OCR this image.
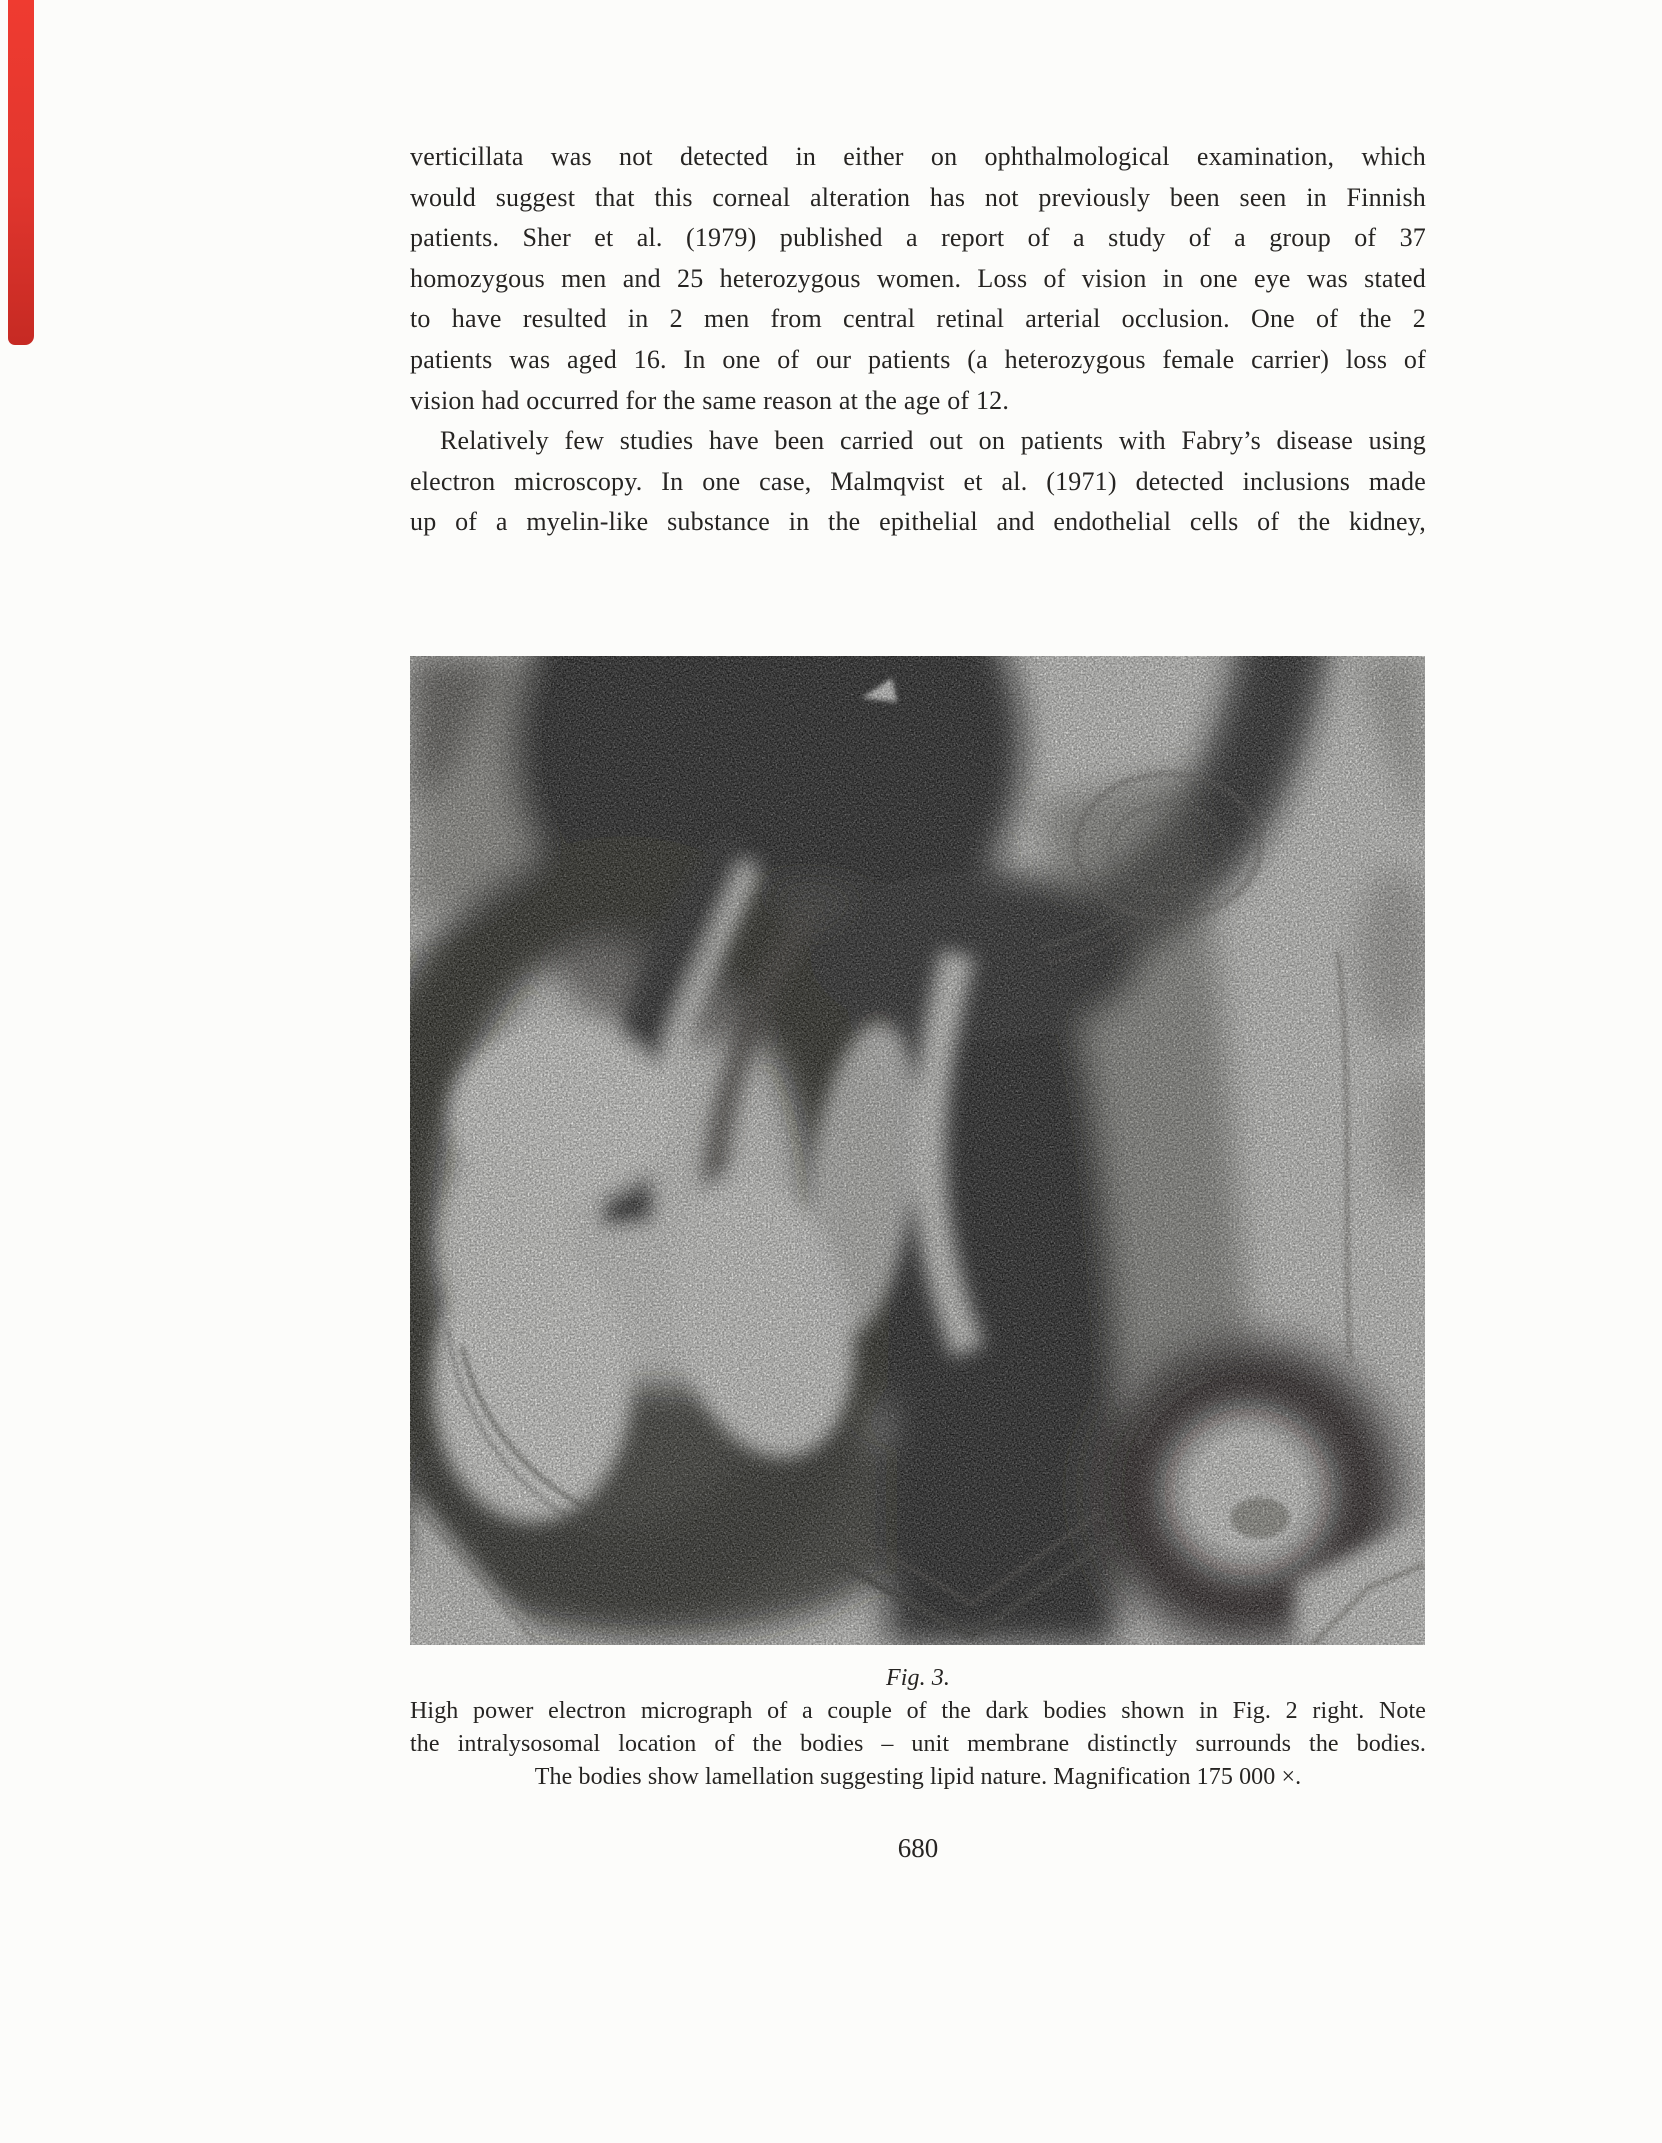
verticillata was not detected in either on ophthalmological examination, which
would suggest that this corneal alteration has not previously been seen in Finnish
patients. Sher et al. (1979) published a report of a study of a group of 37
homozygous men and 25 heterozygous women. Loss of vision in one eye was stated
to have resulted in 2 men from central retinal arterial occlusion. One of the 2
patients was aged 16. In one of our patients (a heterozygous female carrier) loss of
vision had occurred for the same reason at the age of 12.
Relatively few studies have been carried out on patients with Fabry’s disease using
electron microscopy. In one case, Malmqvist et al. (1971) detected inclusions made
up of a myelin-like substance in the epithelial and endothelial cells of the kidney,
Fig. 3.
High power electron micrograph of a couple of the dark bodies shown in Fig. 2 right. Note
the intralysosomal location of the bodies – unit membrane distinctly surrounds the bodies.
The bodies show lamellation suggesting lipid nature. Magnification 175 000 ×.
680
